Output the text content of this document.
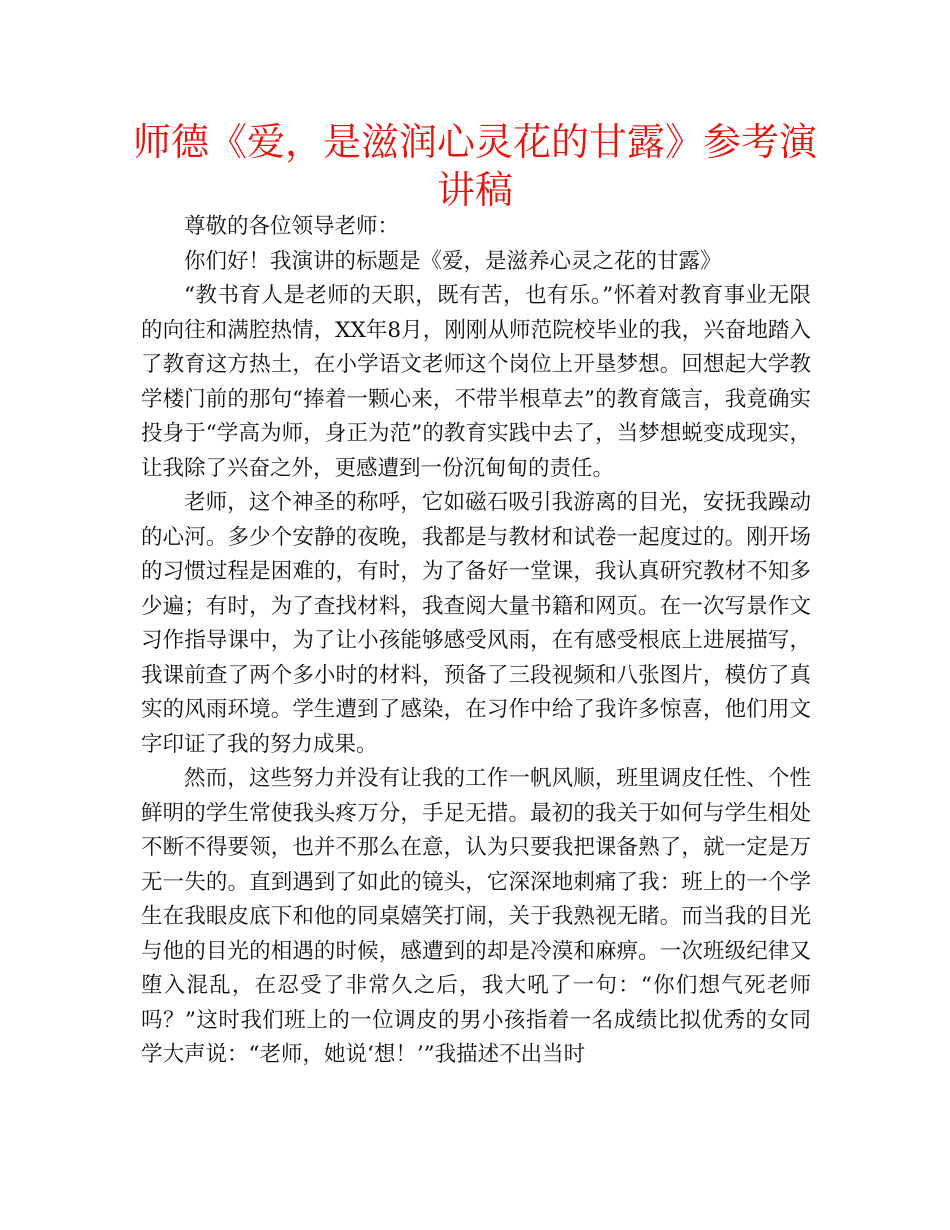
师德《爱，是滋润心灵花的甘露》参考演讲稿

尊敬的各位领导老师：

你们好！我演讲的标题是《爱，是滋养心灵之花的甘露》

“教书育人是老师的天职，既有苦，也有乐。”怀着对教育事业无限的向往和满腔热情，XX年8月，刚刚从师范院校毕业的我，兴奋地踏入了教育这方热土，在小学语文老师这个岗位上开垦梦想。回想起大学教学楼门前的那句“捧着一颗心来，不带半根草去”的教育箴言，我竟确实投身于“学高为师，身正为范”的教育实践中去了，当梦想蜕变成现实，让我除了兴奋之外，更感遭到一份沉甸甸的责任。

老师，这个神圣的称呼，它如磁石吸引我游离的目光，安抚我躁动的心河。多少个安静的夜晚，我都是与教材和试卷一起度过的。刚开场的习惯过程是困难的，有时，为了备好一堂课，我认真研究教材不知多少遍；有时，为了查找材料，我查阅大量书籍和网页。在一次写景作文习作指导课中，为了让小孩能够感受风雨，在有感受根底上进展描写，我课前查了两个多小时的材料，预备了三段视频和八张图片，模仿了真实的风雨环境。学生遭到了感染，在习作中给了我许多惊喜，他们用文字印证了我的努力成果。

然而，这些努力并没有让我的工作一帆风顺，班里调皮任性、个性鲜明的学生常使我头疼万分，手足无措。最初的我关于如何与学生相处不断不得要领，也并不那么在意，认为只要我把课备熟了，就一定是万无一失的。直到遇到了如此的镜头，它深深地刺痛了我：班上的一个学生在我眼皮底下和他的同桌嬉笑打闹，关于我熟视无睹。而当我的目光与他的目光的相遇的时候，感遭到的却是冷漠和麻痹。一次班级纪律又堕入混乱，在忍受了非常久之后，我大吼了一句：“你们想气死老师吗？”这时我们班上的一位调皮的男小孩指着一名成绩比拟优秀的女同学大声说：“老师，她说‘想！’”我描述不出当时
